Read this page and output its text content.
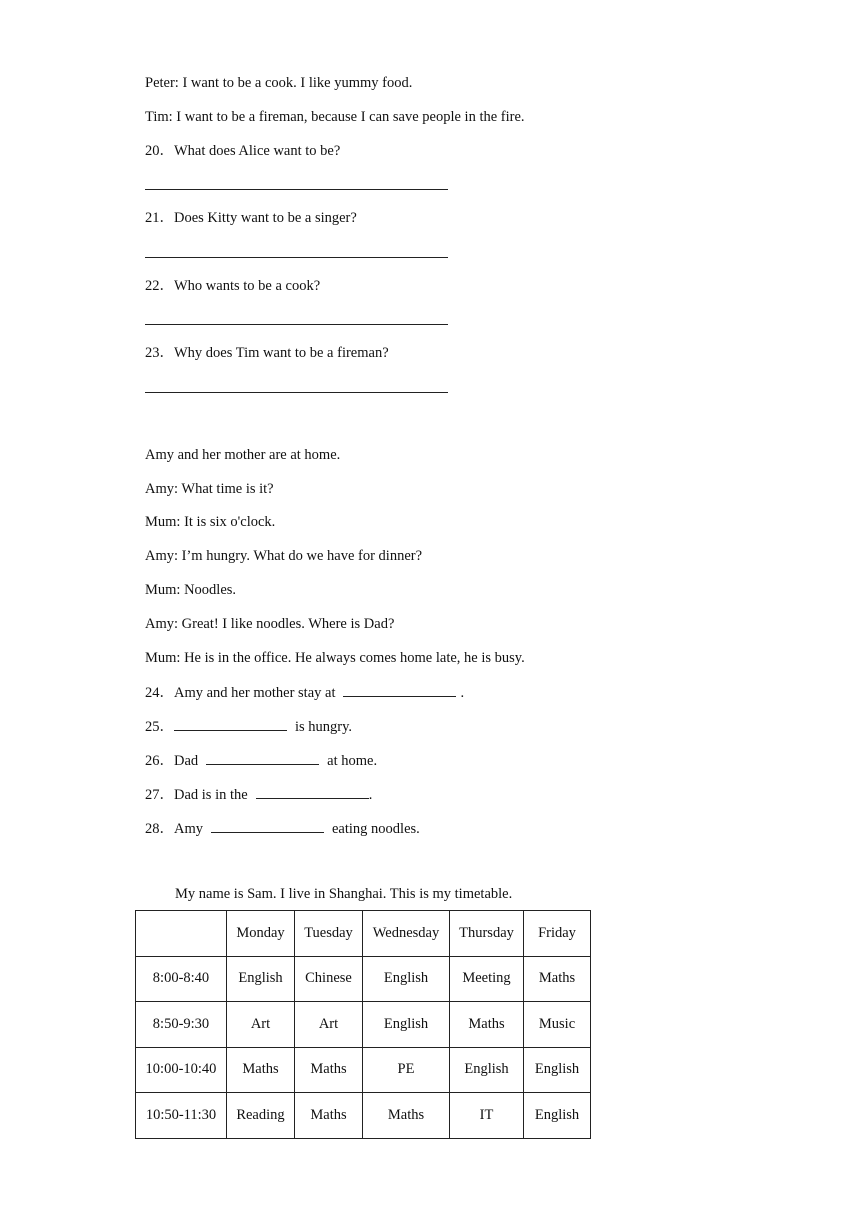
Peter: I want to be a cook. I like yummy food.
Tim: I want to be a fireman, because I can save people in the fire.
20．What does Alice want to be?
21．Does Kitty want to be a singer?
22．Who wants to be a cook?
23．Why does Tim want to be a fireman?
Amy and her mother are at home.
Amy: What time is it?
Mum: It is six o'clock.
Amy: I’m hungry. What do we have for dinner?
Mum: Noodles.
Amy: Great! I like noodles. Where is Dad?
Mum: He is in the office. He always comes home late, he is busy.
24．Amy and her mother stay at	.
25．	is hungry.
26．Dad	at home.
27．Dad is in the	.
28．Amy	eating noodles.
My name is Sam. I live in Shanghai. This is my timetable.
	Monday	Tuesday	Wednesday	Thursday	Friday
8:00-8:40	English	Chinese	English	Meeting	Maths
8:50-9:30	Art	Art	English	Maths	Music
10:00-10:40	Maths	Maths	PE	English	English
10:50-11:30	Reading	Maths	Maths	IT	English
